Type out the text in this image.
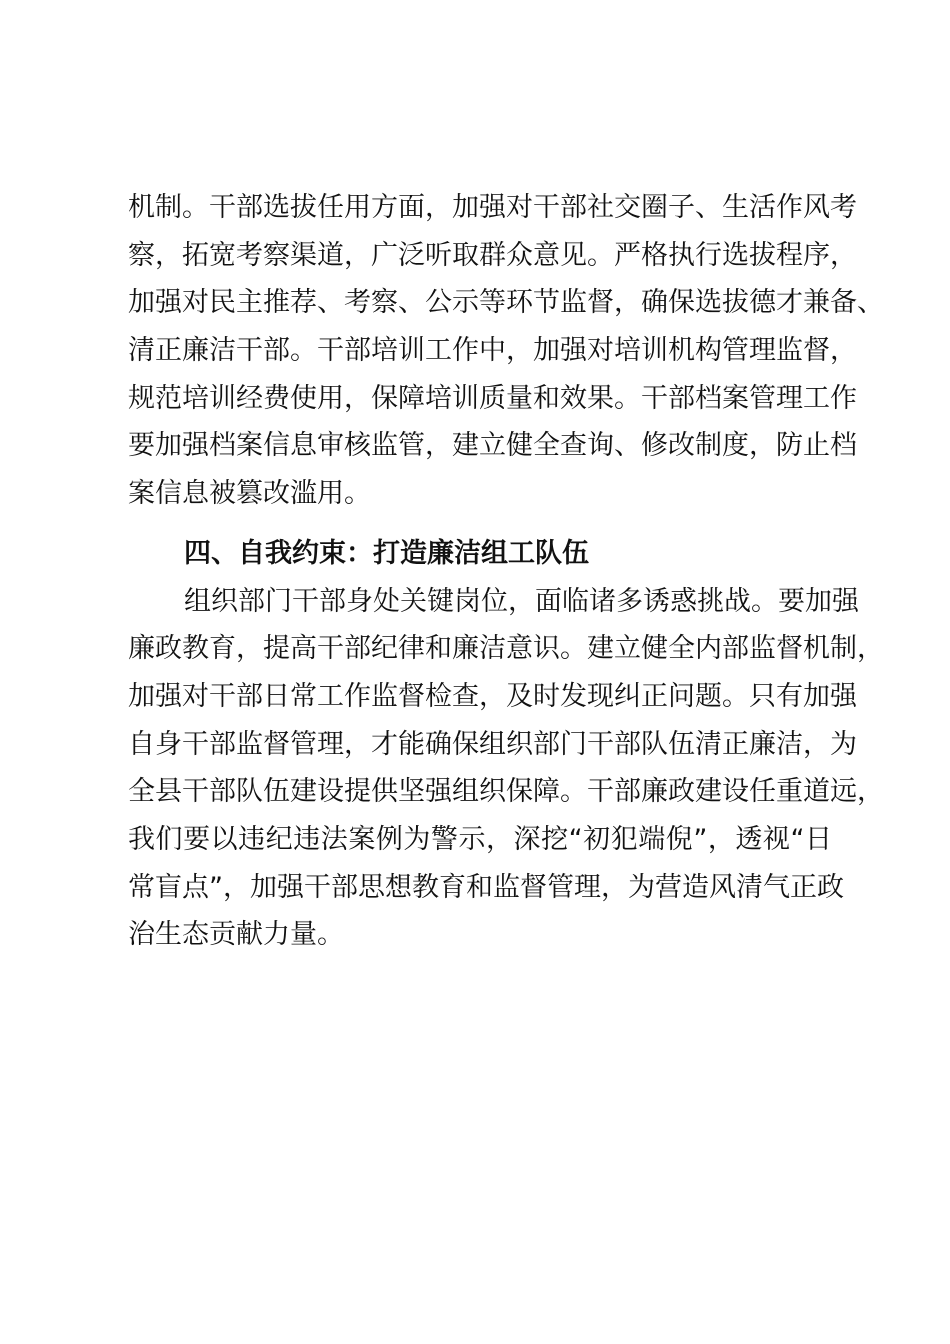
机制。干部选拔任用方面，加强对干部社交圈子、生活作风考
察，拓宽考察渠道，广泛听取群众意见。严格执行选拔程序，
加强对民主推荐、考察、公示等环节监督，确保选拔德才兼备、
清正廉洁干部。干部培训工作中，加强对培训机构管理监督，
规范培训经费使用，保障培训质量和效果。干部档案管理工作
要加强档案信息审核监管，建立健全查询、修改制度，防止档
案信息被篡改滥用。
四、自我约束：打造廉洁组工队伍
组织部门干部身处关键岗位，面临诸多诱惑挑战。要加强
廉政教育，提高干部纪律和廉洁意识。建立健全内部监督机制，
加强对干部日常工作监督检查，及时发现纠正问题。只有加强
自身干部监督管理，才能确保组织部门干部队伍清正廉洁，为
全县干部队伍建设提供坚强组织保障。干部廉政建设任重道远，
我们要以违纪违法案例为警示，深挖“初犯端倪”，透视“日
常盲点”，加强干部思想教育和监督管理，为营造风清气正政
治生态贡献力量。
